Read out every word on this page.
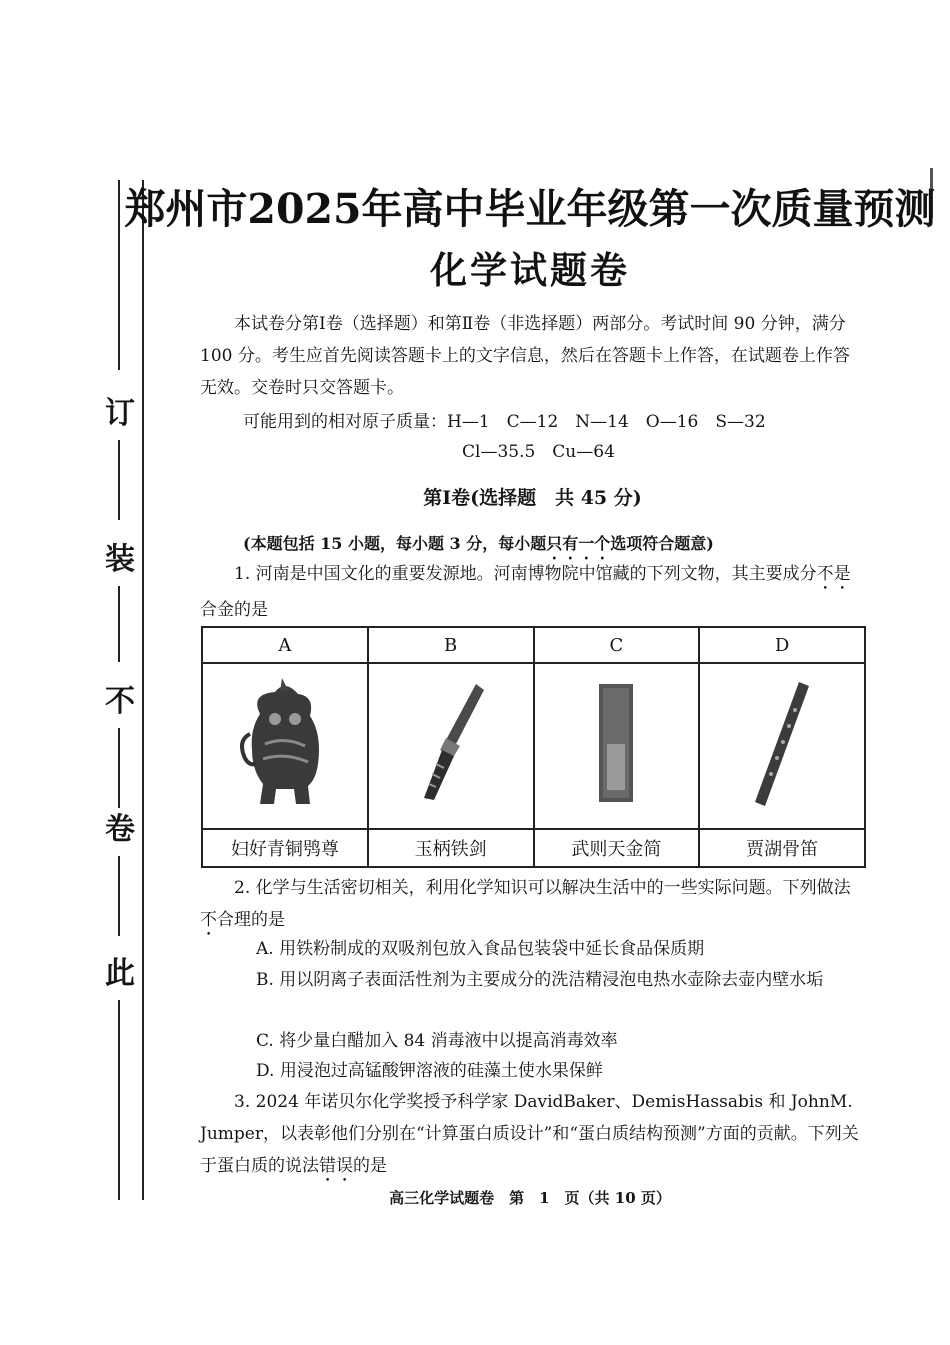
订
装
不
卷
此
郑州市2025年高中毕业年级第一次质量预测
化学试题卷
本试卷分第Ⅰ卷（选择题）和第Ⅱ卷（非选择题）两部分。考试时间 90 分钟，满分 100 分。考生应首先阅读答题卡上的文字信息，然后在答题卡上作答，在试题卷上作答无效。交卷时只交答题卡。
可能用到的相对原子质量：H—1　C—12　N—14　O—16　S—32
Cl—35.5　Cu—64
第Ⅰ卷(选择题　共 45 分)
(本题包括 15 小题，每小题 3 分，每小题只有一个选项符合题意)
1. 河南是中国文化的重要发源地。河南博物院中馆藏的下列文物，其主要成分不是合金的是
A	B	C	D

妇好青铜鸮尊	玉柄铁剑	武则天金简	贾湖骨笛
2. 化学与生活密切相关，利用化学知识可以解决生活中的一些实际问题。下列做法不合理的是
A. 用铁粉制成的双吸剂包放入食品包装袋中延长食品保质期
B. 用以阴离子表面活性剂为主要成分的洗洁精浸泡电热水壶除去壶内壁水垢
C. 将少量白醋加入 84 消毒液中以提高消毒效率
D. 用浸泡过高锰酸钾溶液的硅藻土使水果保鲜
3. 2024 年诺贝尔化学奖授予科学家 DavidBaker、DemisHassabis 和 JohnM. Jumper，以表彰他们分别在“计算蛋白质设计”和“蛋白质结构预测”方面的贡献。下列关于蛋白质的说法错误的是
高三化学试题卷　第　1　页（共 10 页）
